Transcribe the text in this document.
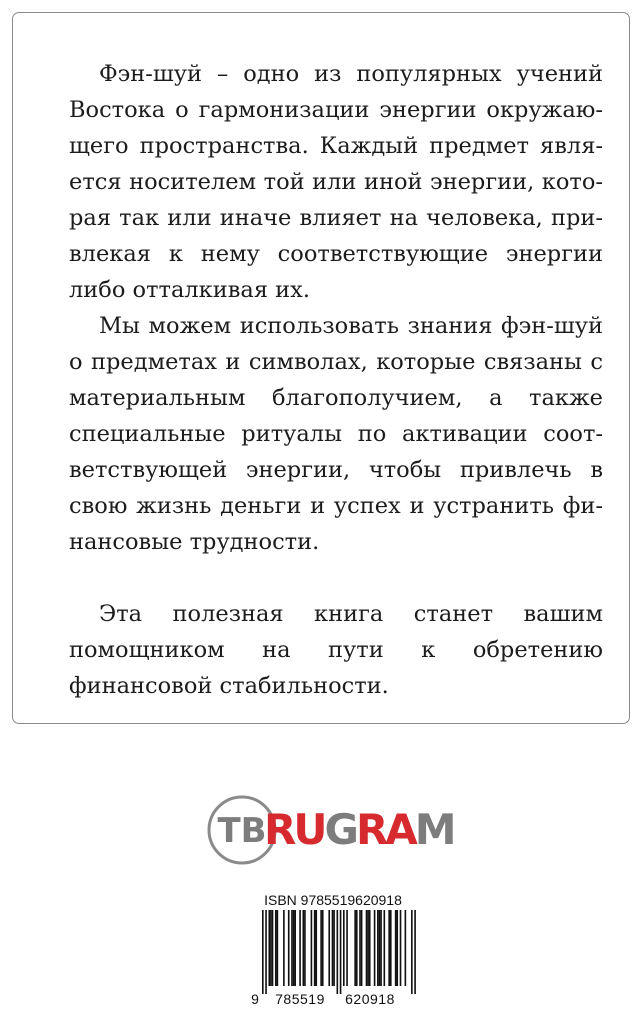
Фэн-шуй – одно из популярных учений Востока о гармонизации энергии окружающего пространства. Каждый предмет является носителем той или иной энергии, которая так или иначе влияет на человека, привлекая к нему соответствующие энергии либо отталкивая их.

Мы можем использовать знания фэн-шуй о предметах и символах, которые связаны с материальным благополучием, а также специальные ритуалы по активации соответствующей энергии, чтобы привлечь в свою жизнь деньги и успех и устранить финансовые трудности.

Эта полезная книга станет вашим помощником на пути к обретению финансовой стабильности.

ТВ
RUGRAM
ISBN 9785519620918
9 785519 620918
